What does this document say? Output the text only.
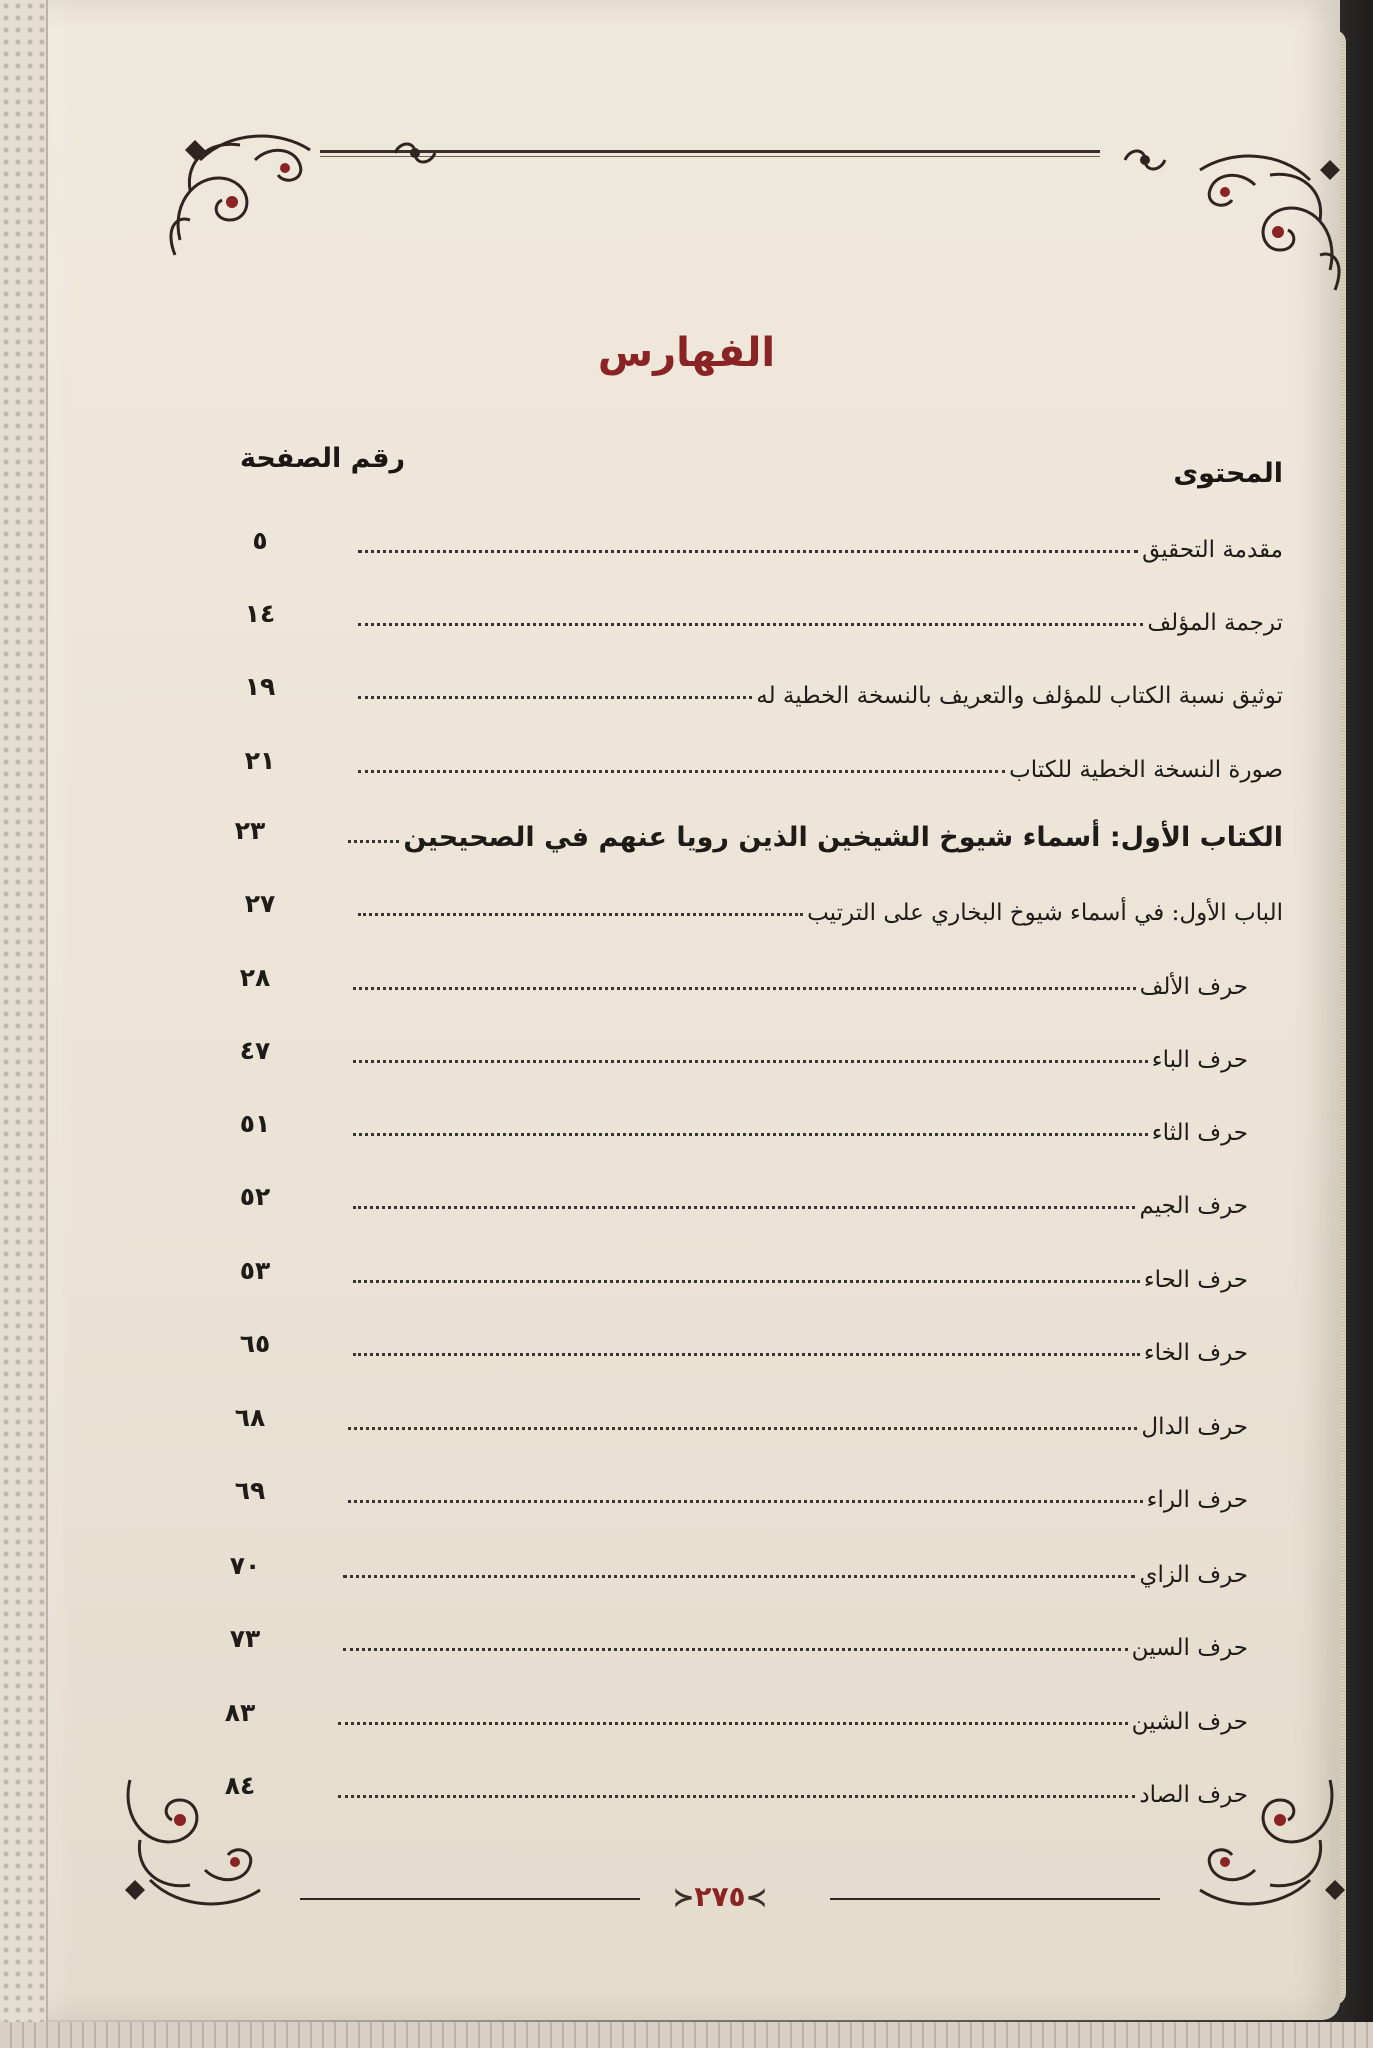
الفهارس
المحتوى
رقم الصفحة
مقدمة التحقيق
٥
ترجمة المؤلف
١٤
توثيق نسبة الكتاب للمؤلف والتعريف بالنسخة الخطية له
١٩
صورة النسخة الخطية للكتاب
٢١
الكتاب الأول: أسماء شيوخ الشيخين الذين رويا عنهم في الصحيحين
٢٣
الباب الأول: في أسماء شيوخ البخاري على الترتيب
٢٧
حرف الألف
٢٨
حرف الباء
٤٧
حرف الثاء
٥١
حرف الجيم
٥٢
حرف الحاء
٥٣
حرف الخاء
٦٥
حرف الدال
٦٨
حرف الراء
٦٩
حرف الزاي
٧٠
حرف السين
٧٣
حرف الشين
٨٣
حرف الصاد
٨٤
≻٢٧٥≺
